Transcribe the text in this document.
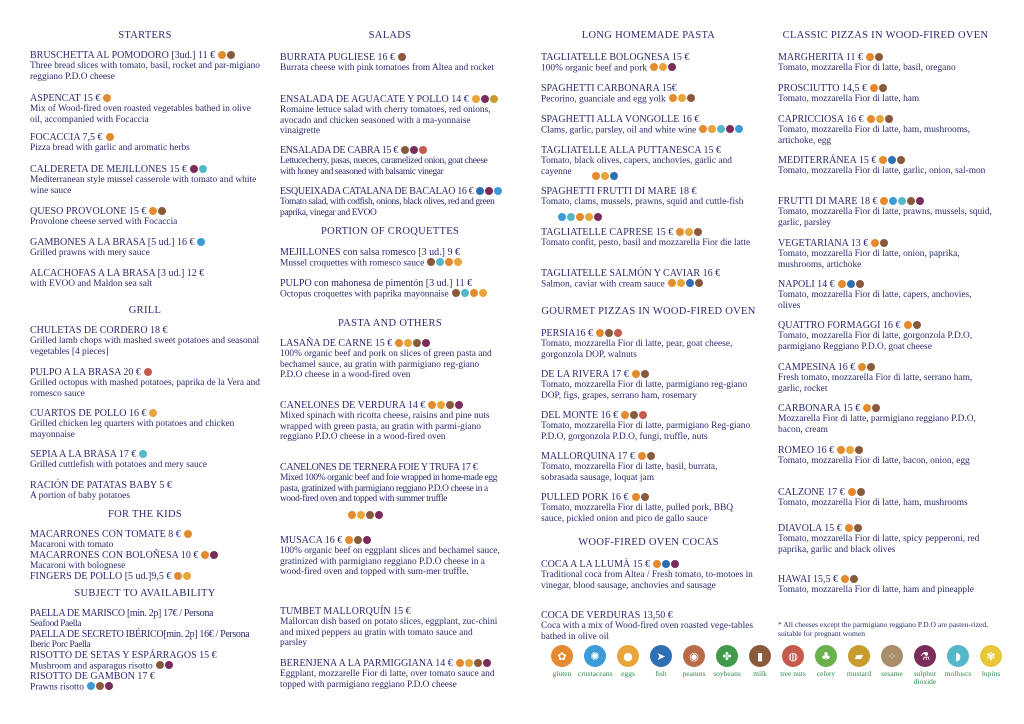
STARTERS
BRUSCHETTA AL POMODORO [3ud.] 11 €
Three bread slices with tomato, basil, rocket and par-migiano reggiano P.D.O cheese
ASPENCAT 15 €
Mix of Wood-fired oven roasted vegetables bathed in olive oil, accompanied with Focaccia
FOCACCIA 7,5 €
Pizza bread with garlic and aromatic herbs
CALDERETA DE MEJILLONES 15 €
Mediterranean style mussel casserole with tomato and white wine sauce
QUESO PROVOLONE 15 €
Provolone cheese served with Focaccia
GAMBONES A LA BRASA [5 ud.] 16 €
Grilled prawns with mery sauce
ALCACHOFAS A LA BRASA [3 ud.] 12 €
with EVOO and Maldon sea salt
GRILL
CHULETAS DE CORDERO 18 €
Grilled lamb chops with mashed sweet potatoes and seasonal vegetables [4 pieces]
PULPO A LA BRASA 20 €
Grilled octopus with mashed potatoes, paprika de la Vera and romesco sauce
CUARTOS DE POLLO 16 €
Grilled chicken leg quarters with potatoes and chicken mayonnaise
SEPIA A LA BRASA 17 €
Grilled cuttlefish with potatoes and mery sauce
RACIÓN DE PATATAS BABY 5 €
A portion of baby potatoes
FOR THE KIDS
MACARRONES CON TOMATE 8 €
Macaroni with tomato
MACARRONES CON BOLOÑESA 10 €
Macaroni with bolognese
FINGERS DE POLLO [5 ud.]9,5 €
SUBJECT TO AVAILABILITY
PAELLA DE MARISCO [min. 2p] 17€ / Persona
Seafood Paella
PAELLA DE SECRETO IBÉRICO[min. 2p] 16€ / Persona
Iberic Porc Paella
RISOTTO DE SETAS Y ESPÁRRAGOS 15 €
Mushroom and asparagus risotto
RISOTTO DE GAMBON 17 €
Prawns risotto
SALADS
BURRATA PUGLIESE 16 €
Burrata cheese with pink tomatoes from Altea and rocket
ENSALADA DE AGUACATE Y POLLO 14 €
Romaine lettuce salad with cherry tomatoes, red onions, avocado and chicken seasoned with a ma-yonnaise vinaigrette
ENSALADA DE CABRA 15 €
Lettucecherry, pasas, nueces, caramelized onion, goat cheese with honey and seasoned with balsamic vinegar
ESQUEIXADA CATALANA DE BACALAO 16 €
Tomato salad, with codfish, onions, black olives, red and green paprika, vinegar and EVOO
PORTION OF CROQUETTES
MEJILLONES con salsa romesco [3 ud.] 9 €
Mussel croquettes with romesco sauce
PULPO con mahonesa de pimentón [3 ud.] 11 €
Octopus croquettes with paprika mayonnaise
PASTA AND OTHERS
LASAÑA DE CARNE 15 €
100% organic beef and pork on slices of green pasta and bechamel sauce, au gratin with parmigiano reg-giano P.D.O cheese in a wood-fired oven
CANELONES DE VERDURA 14 €
Mixed spinach with ricotta cheese, raisins and pine nuts wrapped with green pasta, au gratin with parmi-giano reggiano P.D.O cheese in a wood-fired oven
CANELONES DE TERNERA FOIE Y TRUFA 17 €
Mixed 100% organic beef and foie wrapped in home-made egg pasta, gratinized with parmigiano reggiano P.D.O cheese in a wood-fired oven and topped with summer truffle
MUSACA 16 €
100% organic beef on eggplant slices and bechamel sauce, gratinized with parmigiano reggiano P.D.O cheese in a wood-fired oven and topped with sum-mer truffle.
TUMBET MALLORQUÍN 15 €
Mallorcan dish based on potato slices, eggplant, zuc-chini and mixed peppers au gratin with tomato sauce and parsley
BERENJENA A LA PARMIGGIANA 14 €
Eggplant, mozzarelle Fior di latte, over tomato sauce and topped with parmigiano reggiano P.D.O cheese
LONG HOMEMADE PASTA
TAGLIATELLE BOLOGNESA 15 €
100% organic beef and pork
SPAGHETTI CARBONARA 15€
Pecorino, guanciale and egg yolk
SPAGHETTI ALLA VONGOLLE 16 €
Clams, garlic, parsley, oil and white wine
TAGLIATELLE ALLA PUTTANESCA 15 €
Tomato, black olives, capers, anchovies, garlic and cayenne
SPAGHETTI FRUTTI DI MARE 18 €
Tomato, clams, mussels, prawns, squid and cuttle-fish
TAGLIATELLE CAPRESE 15 €
Tomato confit, pesto, basil and mozzarella Fior die latte
TAGLIATELLE SALMÓN Y CAVIAR 16 €
Salmon, caviar with cream sauce
GOURMET PIZZAS IN WOOD-FIRED OVEN
PERSIA16 €
Tomato, mozzarella Fior di latte, pear, goat cheese, gorgonzola DOP, walnuts
DE LA RIVERA 17 €
Tomato, mozzarella Fior di latte, parmigiano reg-giano DOP, figs, grapes, serrano ham, rosemary
DEL MONTE 16 €
Tomato, mozzarella Fior di latte, parmigiano Reg-giano P.D.O, gorgonzola P.D.O, fungi, truffle, nuts
MALLORQUINA 17 €
Tomato, mozzarella Fior di latte, basil, burrata, sobrasada sausage, loquat jam
PULLED PORK 16 €
Tomato, mozzarella Fior di latte, pulled pork, BBQ sauce, pickled onion and pico de gallo sauce
WOOF-FIRED OVEN COCAS
COCA A LA LLUMÀ 15 €
Traditional coca from Altea / Fresh tomato, to-motoes in vinegar, blood sausage, anchovies and sausage
COCA DE VERDURAS 13,50 €
Coca with a mix of Wood-fired oven roasted vege-tables bathed in olive oil
CLASSIC PIZZAS IN WOOD-FIRED OVEN
MARGHERITA 11 €
Tomato, mozzarella Fior di latte, basil, oregano
PROSCIUTTO 14,5 €
Tomato, mozzarella Fior di latte, ham
CAPRICCIOSA 16 €
Tomato, mozzarella Fior di latte, ham, mushrooms, artichoke, egg
MEDITERRÁNEA 15 €
Tomato, mozzarella Fior di latte, garlic, onion, sal-mon
FRUTTI DI MARE 18 €
Tomato, mozzarella Fior di latte, prawns, mussels, squid, garlic, parsley
VEGETARIANA 13 €
Tomato, mozzarella Fior di latte, onion, paprika, mushrooms, artichoke
NAPOLI 14 €
Tomato, mozzarella Fior di latte, capers, anchovies, olives
QUATTRO FORMAGGI 16 €
Tomato, mozzarella Fior di latte, gorgonzola P.D.O, parmigiano Reggiano P.D.O, goat cheese
CAMPESINA 16 €
Fresh tomato, mozzarella Fior di latte, serrano ham, garlic, rocket
CARBONARA 15 €
Mozzarella Fior di latte, parmigiano reggiano P.D.O, bacon, cream
ROMEO 16 €
Tomato, mozzarella Fior di latte, bacon, onion, egg
CALZONE 17 €
Tomato, mozzarella Fior di latte, ham, mushrooms
DIAVOLA 15 €
Tomato, mozzarella Fior di latte, spicy pepperoni, red paprika, garlic and black olives
HAWAI 15,5 €
Tomato, mozzarella Fior di latte, ham and pineapple
* All cheeses except the parmigiano reggiano P.D.O are pasteu-rized, suitable for pregnant women
✿
gluten
✺
crustaceans
●
eggs
➤
fish
◉
peanuts
✤
soybeans
▮
milk
◍
tree nuts
♣
celery
▰
mustard
⁘
sesame
⚗
sulphur dioxide
◗
molluscs
✾
lupins
